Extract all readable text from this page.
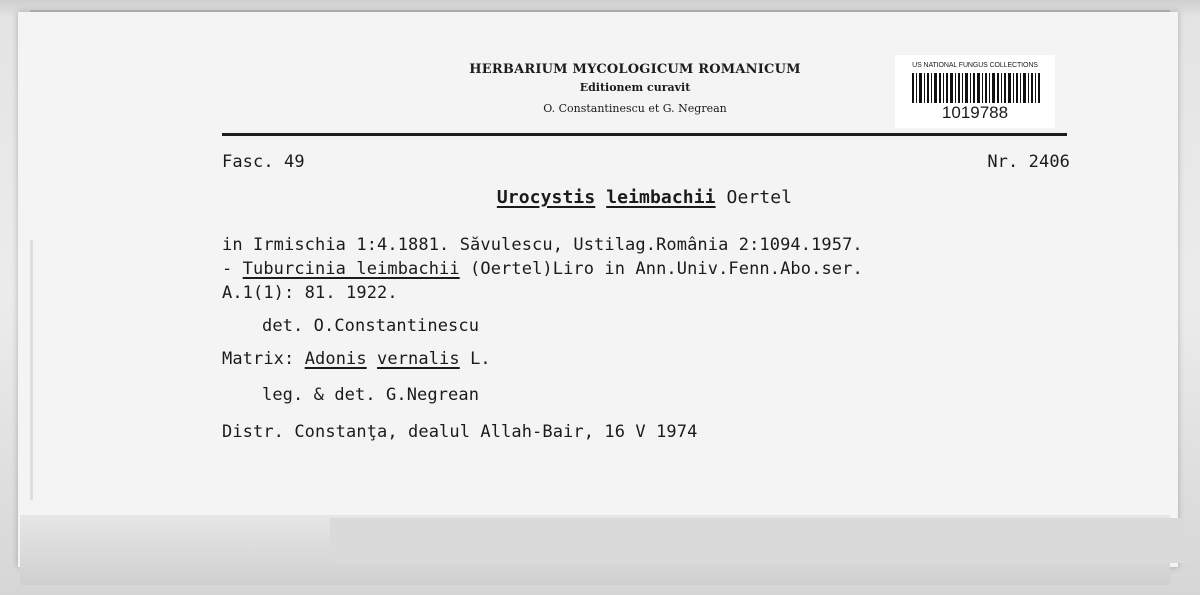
HERBARIUM MYCOLOGICUM ROMANICUM
Editionem curavit
O. Constantinescu et G. Negrean
US NATIONAL FUNGUS COLLECTIONS
1019788
Fasc. 49	Nr. 2406
Urocystis leimbachii Oertel
in Irmischia 1:4.1881. Săvulescu, Ustilag.România 2:1094.1957.
- Tuburcinia leimbachii (Oertel)Liro in Ann.Univ.Fenn.Abo.ser.
A.1(1): 81. 1922.
det. O.Constantinescu
Matrix: Adonis vernalis L.
leg. & det. G.Negrean
Distr. Constanţa, dealul Allah-Bair, 16 V 1974
